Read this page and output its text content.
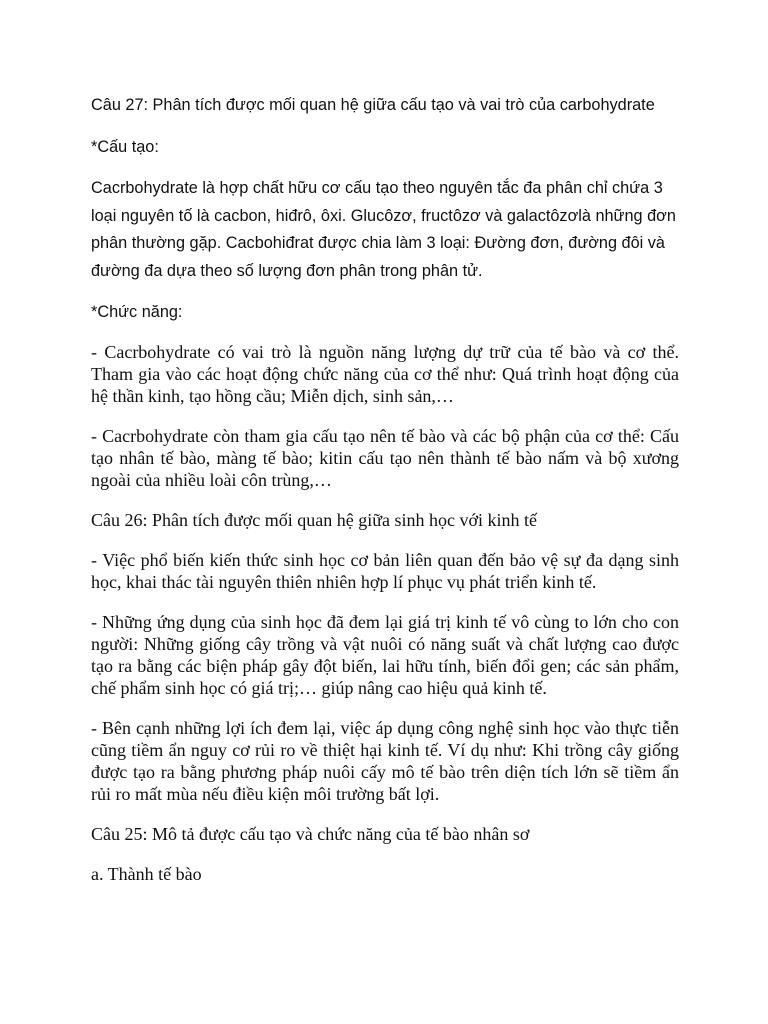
Câu 27: Phân tích được mối quan hệ giữa cấu tạo và vai trò của carbohydrate

*Cấu tạo:

Cacrbohydrate là hợp chất hữu cơ cấu tạo theo nguyên tắc đa phân chỉ chứa 3 loại nguyên tố là cacbon, hiđrô, ôxi. Glucôzơ, fructôzơ và galactôzơlà những đơn phân thường gặp. Cacbohiđrat được chia làm 3 loại: Đường đơn, đường đôi và đường đa dựa theo số lượng đơn phân trong phân tử.

*Chức năng:

- Cacrbohydrate có vai trò là nguồn năng lượng dự trữ của tế bào và cơ thể. Tham gia vào các hoạt động chức năng của cơ thể như: Quá trình hoạt động của hệ thần kinh, tạo hồng cầu; Miễn dịch, sinh sản,…

- Cacrbohydrate còn tham gia cấu tạo nên tế bào và các bộ phận của cơ thể: Cấu tạo nhân tế bào, màng tế bào; kitin cấu tạo nên thành tế bào nấm và bộ xương ngoài của nhiều loài côn trùng,…

Câu 26: Phân tích được mối quan hệ giữa sinh học với kinh tế

- Việc phổ biến kiến thức sinh học cơ bản liên quan đến bảo vệ sự đa dạng sinh học, khai thác tài nguyên thiên nhiên hợp lí phục vụ phát triển kinh tế.

- Những ứng dụng của sinh học đã đem lại giá trị kinh tế vô cùng to lớn cho con người: Những giống cây trồng và vật nuôi có năng suất và chất lượng cao được tạo ra bằng các biện pháp gây đột biến, lai hữu tính, biến đổi gen; các sản phẩm, chế phẩm sinh học có giá trị;… giúp nâng cao hiệu quả kinh tế.

- Bên cạnh những lợi ích đem lại, việc áp dụng công nghệ sinh học vào thực tiễn cũng tiềm ẩn nguy cơ rủi ro về thiệt hại kinh tế. Ví dụ như: Khi trồng cây giống được tạo ra bằng phương pháp nuôi cấy mô tế bào trên diện tích lớn sẽ tiềm ẩn rủi ro mất mùa nếu điều kiện môi trường bất lợi.

Câu 25: Mô tả được cấu tạo và chức năng của tế bào nhân sơ

a. Thành tế bào
